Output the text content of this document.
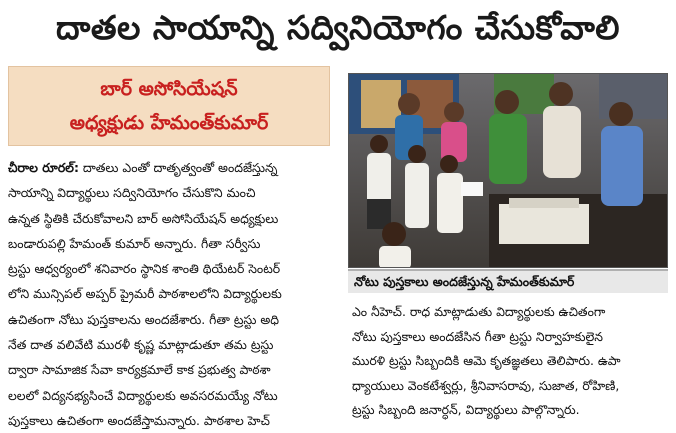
దాతల సాయాన్ని సద్వినియోగం చేసుకోవాలి
బార్ అసోసియేషన్
అధ్యక్షుడు హేమంత్‌కుమార్
నోటు పుస్తకాలు అందజేస్తున్న హేమంత్‌కుమార్
చీరాల రూరల్: దాతలు ఎంతో దాతృత్వంతో అందజేస్తున్న
సాయాన్ని విద్యార్థులు సద్వినియోగం చేసుకొని మంచి
ఉన్నత స్థితికి చేరుకోవాలని బార్ అసోసియేషన్ అధ్యక్షులు
బండారుపల్లి హేమంత్ కుమార్ అన్నారు. గీతా సర్వీసు
ట్రస్టు ఆధ్వర్యంలో శనివారం స్థానిక శాంతి థియేటర్ సెంటర్
లోని మున్సిపల్ అప్పర్ ప్రైమరీ పాఠశాలలోని విద్యార్థులకు
ఉచితంగా నోటు పుస్తకాలను అందజేశారు. గీతా ట్రస్టు అధి
నేత దాత వలివేటి మురళీ కృష్ణ మాట్లాడుతూ తమ ట్రస్టు
ద్వారా సామాజిక సేవా కార్యక్రమాలే కాక ప్రభుత్వ పాఠశా
లలలో విద్యనభ్యసించే విద్యార్థులకు అవసరమయ్యే నోటు
పుస్తకాలు ఉచితంగా అందజేస్తామన్నారు. పాఠశాల హెచ్
ఎం నీహెచ్. రాధ మాట్లాడుతు విద్యార్థులకు ఉచితంగా
నోటు పుస్తకాలు అందజేసిన గీతా ట్రస్టు నిర్వాహకులైన
మురళి ట్రస్టు సిబ్బందికి ఆమె కృతజ్ఞతలు తెలిపారు. ఉపా
ధ్యాయులు వెంకటేశ్వర్లు, శ్రీనివాసరావు, సుజాత, రోహిణి,
ట్రస్టు సిబ్బంది జనార్ధన్, విద్యార్థులు పాల్గొన్నారు.
